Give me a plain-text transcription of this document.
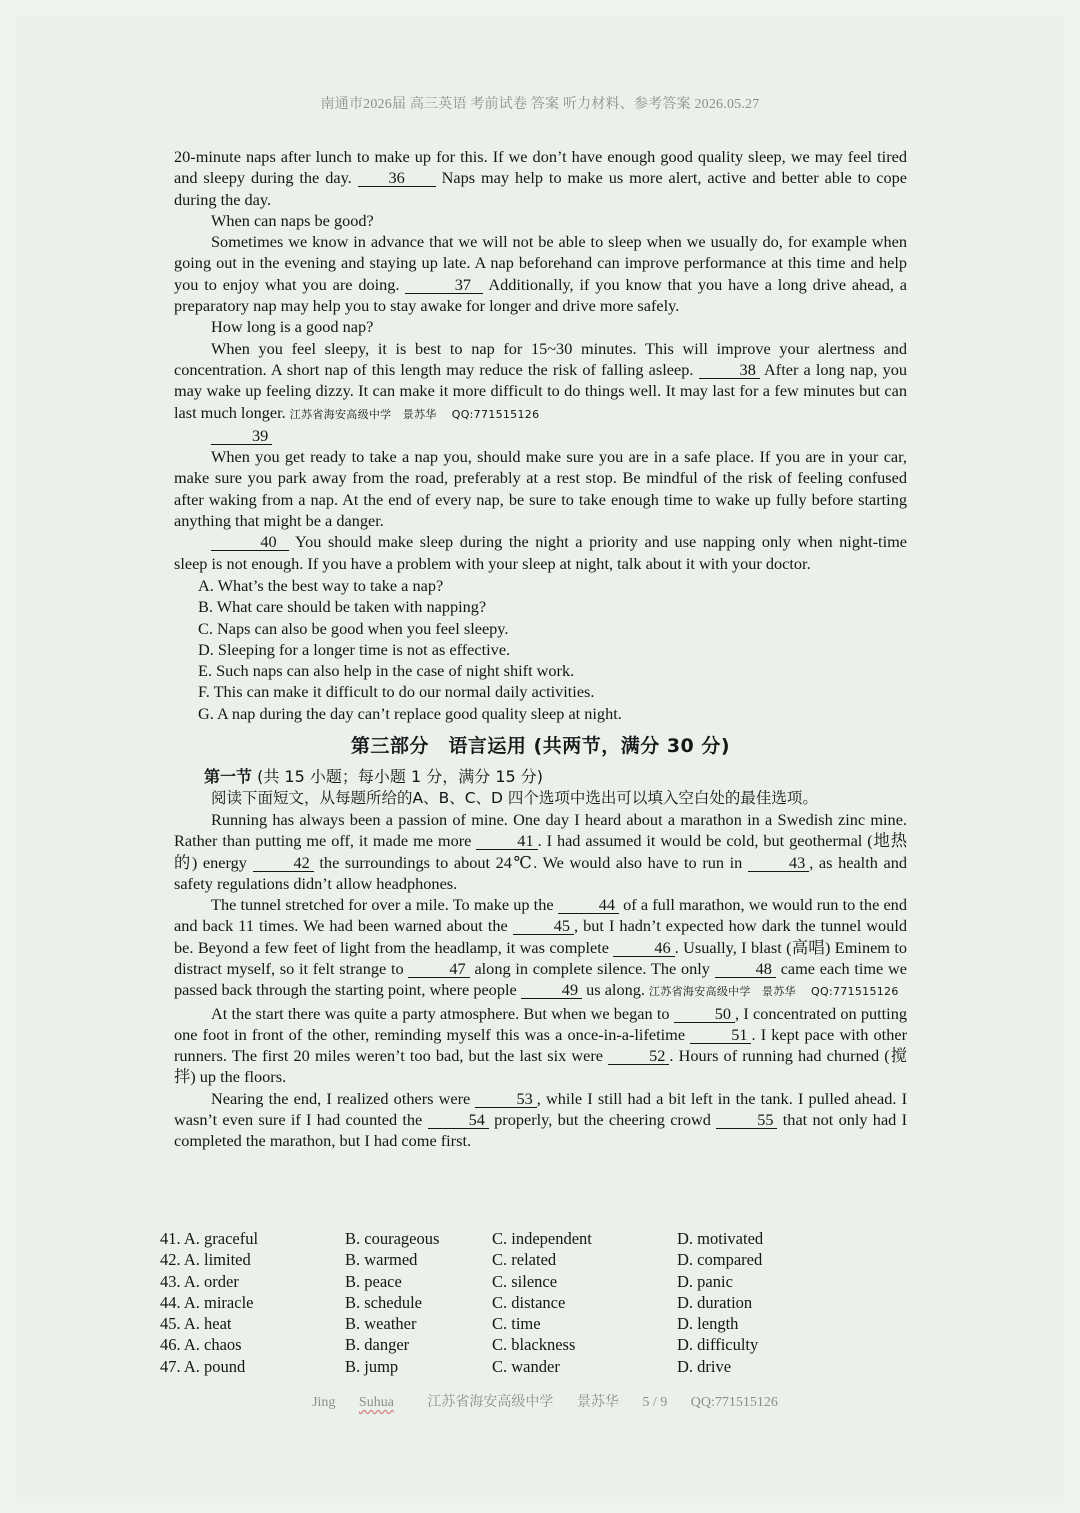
南通市2026届 高三英语 考前试卷 答案 听力材料、参考答案 2026.05.27

20-minute naps after lunch to make up for this. If we don’t have enough good quality sleep, we may feel tired and sleepy during the day. 36 Naps may help to make us more alert, active and better able to cope during the day.

When can naps be good?

Sometimes we know in advance that we will not be able to sleep when we usually do, for example when going out in the evening and staying up late. A nap beforehand can improve performance at this time and help you to enjoy what you are doing.	37 Additionally, if you know that you have a long drive ahead, a preparatory nap may help you to stay awake for longer and drive more safely.

How long is a good nap?

When you feel sleepy, it is best to nap for 15~30 minutes. This will improve your alertness and concentration. A short nap of this length may reduce the risk of falling asleep.	38 After a long nap, you may wake up feeling dizzy. It can make it more difficult to do things well. It may last for a few minutes but can last much longer. 江苏省海安高级中学　景苏华　 QQ:771515126

39

When you get ready to take a nap you, should make sure you are in a safe place. If you are in your car, make sure you park away from the road, preferably at a rest stop. Be mindful of the risk of feeling confused after waking from a nap. At the end of every nap, be sure to take enough time to wake up fully before starting anything that might be a danger.

40 You should make sleep during the night a priority and use napping only when night-time sleep is not enough. If you have a problem with your sleep at night, talk about it with your doctor.

A. What’s the best way to take a nap?
B. What care should be taken with napping?
C. Naps can also be good when you feel sleepy.
D. Sleeping for a longer time is not as effective.
E. Such naps can also help in the case of night shift work.
F. This can make it difficult to do our normal daily activities.
G. A nap during the day can’t replace good quality sleep at night.
第三部分　语言运用 (共两节，满分 30 分)
第一节 (共 15 小题；每小题 1 分，满分 15 分)
阅读下面短文，从每题所给的A、B、C、D 四个选项中选出可以填入空白处的最佳选项。

Running has always been a passion of mine. One day I heard about a marathon in a Swedish zinc mine. Rather than putting me off, it made me more	41 . I had assumed it would be cold, but geothermal (地热的) energy	42 the surroundings to about 24℃. We would also have to run in	43 , as health and safety regulations didn’t allow headphones.

The tunnel stretched for over a mile. To make up the	44 of a full marathon, we would run to the end and back 11 times. We had been warned about the	45 , but I hadn’t expected how dark the tunnel would be. Beyond a few feet of light from the headlamp, it was complete	46 . Usually, I blast (高唱) Eminem to distract myself, so it felt strange to	47 along in complete silence. The only	48 came each time we passed back through the starting point, where people	49 us along. 江苏省海安高级中学　景苏华　 QQ:771515126

At the start there was quite a party atmosphere. But when we began to	50 , I concentrated on putting one foot in front of the other, reminding myself this was a once-in-a-lifetime	51 . I kept pace with other runners. The first 20 miles weren’t too bad, but the last six were	52 . Hours of running had churned (搅拌) up the floors.

Nearing the end, I realized others were	53 , while I still had a bit left in the tank. I pulled ahead. I wasn’t even sure if I had counted the	54 properly, but the cheering crowd	55 that not only had I completed the marathon, but I had come first.

41. A. graceful	B. courageous	C. independent	D. motivated
42. A. limited	B. warmed	C. related	D. compared
43. A. order	B. peace	C. silence	D. panic
44. A. miracle	B. schedule	C. distance	D. duration
45. A. heat	B. weather	C. time	D. length
46. A. chaos	B. danger	C. blackness	D. difficulty
47. A. pound	B. jump	C. wander	D. drive
Jing Suhua 江苏省海安高级中学 景苏华 5 / 9 QQ:771515126
